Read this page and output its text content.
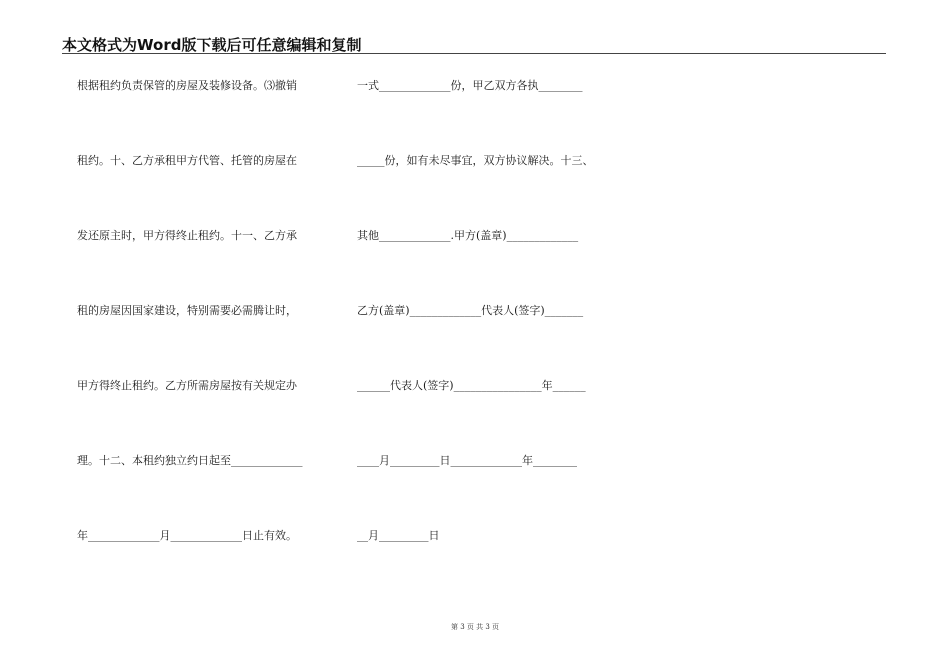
本文格式为Word版下载后可任意编辑和复制
根据租约负责保管的房屋及装修设备。⑶撤销
租约。十、乙方承租甲方代管、托管的房屋在
发还原主时，甲方得终止租约。十一、乙方承
租的房屋因国家建设，特别需要必需腾让时，
甲方得终止租约。乙方所需房屋按有关规定办
理。十二、本租约独立约日起至_____________
年_____________月_____________日止有效。
一式_____________份，甲乙双方各执________
_____份，如有未尽事宜，双方协议解决。十三、
其他_____________.甲方(盖章)_____________
乙方(盖章)_____________代表人(签字)_______
______代表人(签字)________________年______
____月_________日_____________年________
__月_________日
第 3 页 共 3 页
